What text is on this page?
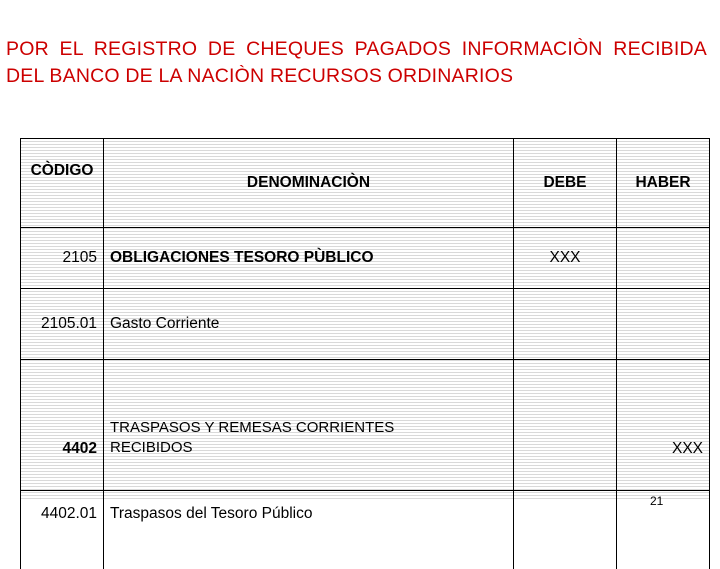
POR EL REGISTRO DE CHEQUES PAGADOS INFORMACIÒN RECIBIDA DEL BANCO DE LA NACIÒN RECURSOS ORDINARIOS
CÒDIGO	DENOMINACIÒN	DEBE	HABER
2105	OBLIGACIONES TESORO PÙBLICO	XXX	
2105.01	Gasto Corriente		
4402	TRASPASOS Y REMESAS CORRIENTES RECIBIDOS		XXX
4402.01	Traspasos del Tesoro Público		
21
